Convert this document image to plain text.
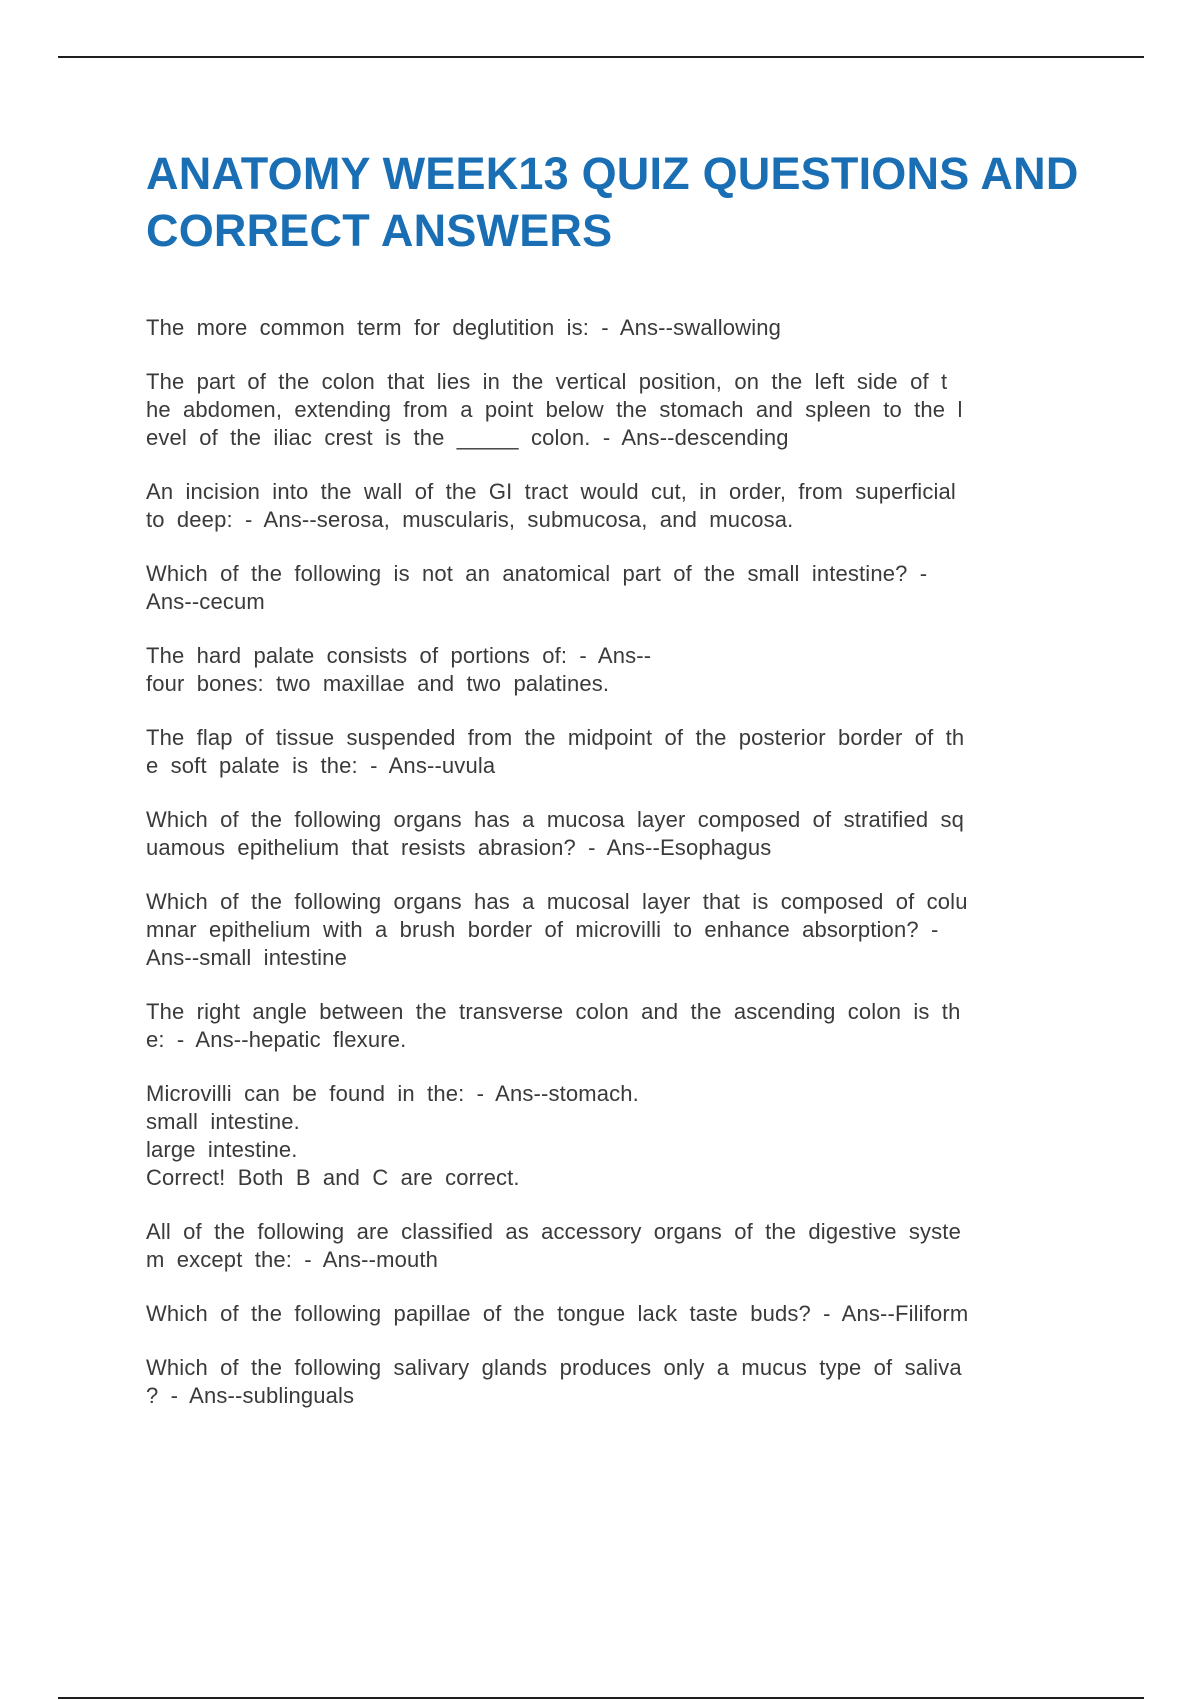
ANATOMY WEEK13 QUIZ QUESTIONS AND CORRECT ANSWERS

The more common term for deglutition is: - Ans--swallowing

The part of the colon that lies in the vertical position, on the left side of t
he abdomen, extending from a point below the stomach and spleen to the l
evel of the iliac crest is the _____ colon. - Ans--descending

An incision into the wall of the GI tract would cut, in order, from superficial
to deep: - Ans--serosa, muscularis, submucosa, and mucosa.

Which of the following is not an anatomical part of the small intestine? -
Ans--cecum

The hard palate consists of portions of: - Ans--
four bones: two maxillae and two palatines.

The flap of tissue suspended from the midpoint of the posterior border of th
e soft palate is the: - Ans--uvula

Which of the following organs has a mucosa layer composed of stratified sq
uamous epithelium that resists abrasion? - Ans--Esophagus

Which of the following organs has a mucosal layer that is composed of colu
mnar epithelium with a brush border of microvilli to enhance absorption? -
Ans--small intestine

The right angle between the transverse colon and the ascending colon is th
e: - Ans--hepatic flexure.

Microvilli can be found in the: - Ans--stomach.
small intestine.
large intestine.
Correct! Both B and C are correct.

All of the following are classified as accessory organs of the digestive syste
m except the: - Ans--mouth

Which of the following papillae of the tongue lack taste buds? - Ans--Filiform

Which of the following salivary glands produces only a mucus type of saliva
? - Ans--sublinguals
